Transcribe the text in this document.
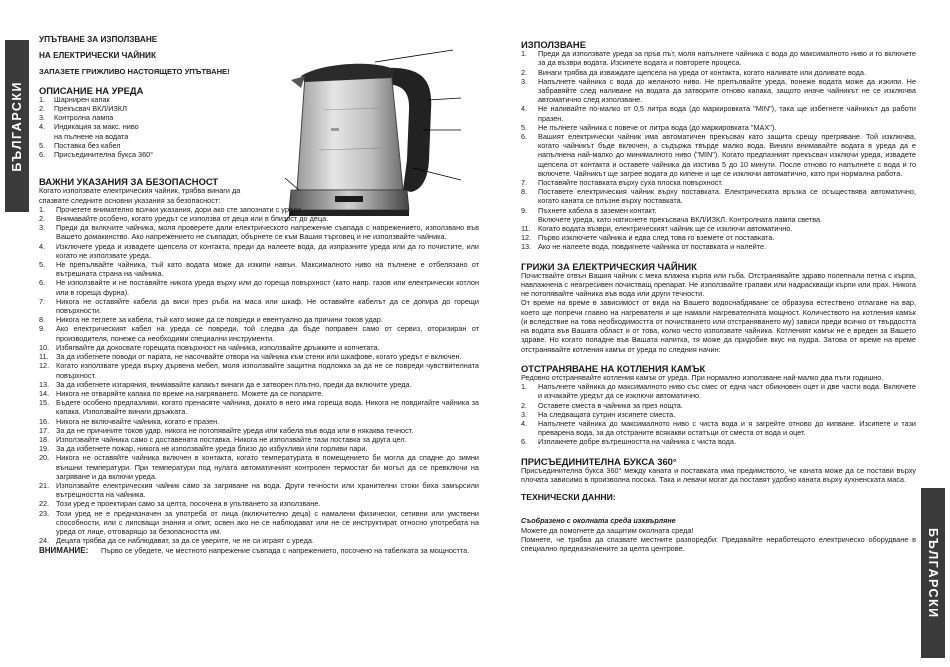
БЪЛГАРСКИ
БЪЛГАРСКИ
УПЪТВАНЕ ЗА ИЗПОЛЗВАНЕ
НА ЕЛЕКТРИЧЕСКИ ЧАЙНИК
ЗАПАЗЕТЕ ГРИЖЛИВО НАСТОЯЩЕТО УПЪТВАНЕ!
ОПИСАНИЕ НА УРЕДА
1.	Шарнирен капак
2.	Прекъсвач ВКЛ/ИЗКЛ
3.	Контролна лампа
4.	Индикация за макс. ниво
на пълнене на водата
5.	Поставка без кабел
6.	Присъединителна букса 360°
ВАЖНИ УКАЗАНИЯ ЗА БЕЗОПАСНОСТ
Когато използвате електрическия чайник, трябва винаги да
спазвате следните основни указания за безопасност:
1.	Прочетете внимателно всички указания, дори ако сте запознати с уреда.
2.	Внимавайте особено, когато уредът се използва от деца или в близост до деца.
3.	Преди да включите чайника, моля проверете дали електрическото напрежение съвпада с напрежението, използвано във Вашето домакинство. Ако напрежението не съвпадат, обърнете се към Вашия търговец и не използвайте чайника.
4.	Изключете уреда и извадете щепсела от контакта, преди да налеете вода, да изпразните уреда или да го почистите, или когато не използвате уреда.
5.	Не препълвайте чайника, тъй като водата може да изкипи навън. Максималното ниво на пълнене е отбелязано от вътрешната страна на чайника.
6.	Не използвайте и не поставяйте никога уреда върху или до гореща повърхност (като напр. газов или електрически котлон или в гореща фурна).
7.	Никога не оставяйте кабела да виси през ръба на маса или шкаф. Не оставяйте кабелът да се допира до горещи повърхности.
8.	Никога не теглете за кабела, тъй като може да се повреди и евентуално да причини токов удар.
9.	Ако електрическият кабел на уреда се повреди, той следва да бъде поправен само от сервиз, оторизиран от производителя, понеже са необходими специални инструменти.
10. Избягвайте да докосвате горещата повърхност на чайника, използвайте дръжките и копчетата.
11.	За да избегнете поводи от парата, не насочвайте отвора на чайника към стени или шкафове, когато уредът е включен.
12. Когато използвате уреда върху дървена мебел, моля използвайте защитна подложка за да не се повреди чувствителната повърхност.
13. За да избегнете изгаряния, внимавайте капакът винаги да е затворен плътно, преди да включите уреда.
14. Никога не отваряйте капака по време на нагряването. Можете да се попарите.
15. Бъдете особено предпазливи, когато пренасяте чайника, докато в него има гореща вода. Никога не повдигайте чайника за капака. Използвайте винаги дръжката.
16. Никога не включвайте чайника, когато е празен.
17. За да не причините токов удар, никога не потопявайте уреда или кабела във вода или в някаква течност.
18. Използвайте чайника само с доставената поставка. Никога не използвайте тази поставка за друга цел.
19. За да избегнете пожар, никога не използвайте уреда близо до избухливи или горливи пари.
20. Никога не оставяйте чайника включен в контакта, когато температурата в помещението би могла да спадне до зимни външни температури. При температури под нулата автоматичният контролен термостат би могъл да се превключи на загряване и да включи уреда.
21. Използвайте електрическия чайник само за загряване на вода. Други течности или хранителни стоки биха замърсили вътрешността на чайника.
22. Този уред е проектиран само за целта, посочена в упътването за използване.
23. Този уред не е предназначен за употреба от лица (включително деца) с намалени физически, сетивни или умствени способности, или с липсващи знания и опит, освен ако не се наблюдават или не се инструктират относно употребата на уреда от лице, отговарящо за безопасността им.
24. Децата трябва да се наблюдават, за да се уверите, че не си играят с уреда.
ВНИМАНИЕ:	Първо се убедете, че местното напрежение съвпада с напрежението, посочено на табелката за мощността.
ИЗПОЛЗВАНЕ
1.	Преди да използвате уреда за пръв път, моля напълнете чайника с вода до максималното ниво и го включете за да възври водата. Изсипете водата и повторете процеса.
2.	Винаги трябва да изваждате щепсела на уреда от контакта, когато наливате или доливате вода.
3.	Напълнете чайника с вода до желаното ниво. Не препълвайте уреда, понеже водата може да изкипи. Не забравяйте след наливане на водата да затворите отново капака, защото иначе чайникът не се изключва автоматично след използване.
4.	Не наливайте по-малко от 0,5 литра вода (до маркировката "MIN"), така ще избегнете чайникът да работи празен.
5.	Не пълнете чайника с повече от литра вода (до маркировката "MAX").
6.	Вашият електрически чайник има автоматичен прекъсвач като защита срещу прегряване. Той изключва, когато чайникът бъде включен, а съдържа твърде малко вода. Винаги внимавайте водата в уреда да е напълнена най-малко до минималното ниво ("MIN"). Когато предпазният прекъсвач изключи уреда, извадете щепсела от контакта и оставете чайника да изстива 5 до 10 минути. После отново го напълнете с вода и го включете. Чайникът ще загрее водата до кипене и ще се изключи автоматично, като при нормална работа.
7.	Поставяйте поставката върху суха плоска повърхност.
8.	Поставете електрическия чайник върху поставката. Електрическата връзка се осъществява автоматично, когато каната се плъзне върху поставката.
9.	Пъхнете кабела в заземен контакт.
Включете уреда, като натиснете прекъсвача ВКЛ/ИЗКЛ. Контролната лампа светва.
11.	Когато водата възври, електрическият чайник ще се изключи автоматично.
12. Първо изключете чайника и едва след това го вземете от поставката.
13. Ако не налеете вода, повдигнете чайника от поставката и налейте.
ГРИЖИ ЗА ЕЛЕКТРИЧЕСКИЯ ЧАЙНИК
Почиствайте отвън Вашия чайник с мека влажна кърпа или гъба. Отстранявайте здраво полепнали петна с кърпа, навлажнена с неагресивен почистващ препарат. Не използвайте грапави или надраскващи кърпи или прах. Никога не потопявайте чайника във вода или други течности.
От време на време в зависимост от вида на Вашето водоснабдяване се образува естествено отлагане на вар, което ще попречи главно на нагревателя и ще намали нагревателната мощност. Количеството на котления камък (и вследствие на това необходимостта от почистването или отстраняването му) зависи преди всичко от твърдостта на водата във Вашата област и от това, колко често използвате чайника. Котленият камък не е вреден за Вашето здраве. Но когато попадне във Вашата напитка, тя може да придобие вкус на пудра. Затова от време на време отстранявайте котления камък от уреда по следния начин:
ОТСТРАНЯВАНЕ НА КОТЛЕНИЯ КАМЪК
Редовно отстранявайте котления камък от уреда. При нормално използване най-малко два пъти годишно.
1.	Напълнете чайника до максималното ниво със смес от една част обикновен оцет и две части вода. Включете и изчакайте уредът да се изключи автоматично.
2.	Оставете сместа в чайника за през нощта.
3.	На следващата сутрин изсипете сместа.
4.	Напълнете чайника до максималното ниво с чиста вода и я загрейте отново до кипване. Изсипете и тази преварена вода, за да отстраните всякакви остатъци от сместа от вода и оцет.
6.	Изплакнете добре вътрешността на чайника с чиста вода.
ПРИСЪЕДИНИТЕЛНА БУКСА 360°
Присъединителна букса 360° между каната и поставката има предимството, че каната може да се постави върху плочата зависимо в произволна посока. Така и левачи могат да поставят удобно каната върху кухненската маса.
ТЕХНИЧЕСКИ ДАННИ:
Съобразено с околната среда изхвърляне
Можете да помогнете да защитим околната среда!
Помнете, че трябва да спазвате местните разпоредби: Предавайте неработещото електрическо оборудване в специално предназначените за целта центрове.
